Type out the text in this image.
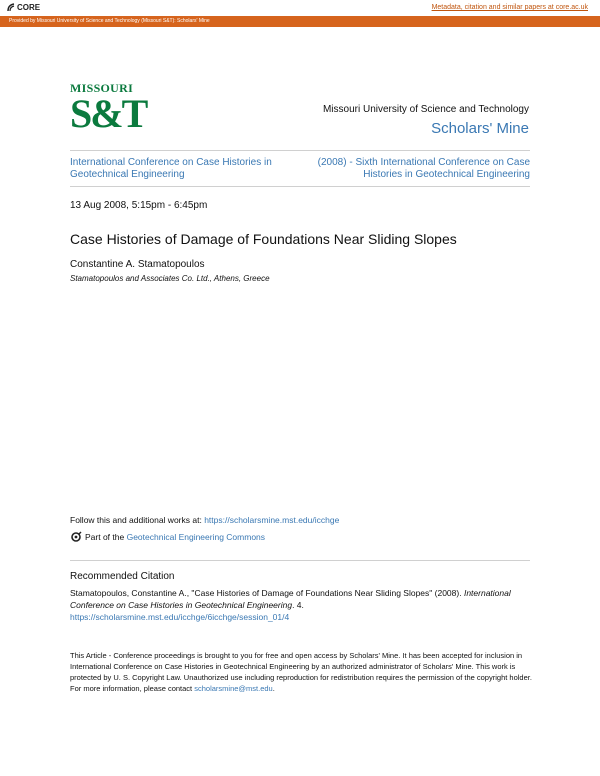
CORE	Metadata, citation and similar papers at core.ac.uk
Provided by Missouri University of Science and Technology (Missouri S&T): Scholars' Mine
MISSOURI
S&T	Missouri University of Science and Technology
Scholars' Mine
International Conference on Case Histories in Geotechnical Engineering
(2008) - Sixth International Conference on Case Histories in Geotechnical Engineering
13 Aug 2008, 5:15pm - 6:45pm
Case Histories of Damage of Foundations Near Sliding Slopes
Constantine A. Stamatopoulos
Stamatopoulos and Associates Co. Ltd., Athens, Greece
Follow this and additional works at: https://scholarsmine.mst.edu/icchge
Part of the Geotechnical Engineering Commons
Recommended Citation
Stamatopoulos, Constantine A., "Case Histories of Damage of Foundations Near Sliding Slopes" (2008). International Conference on Case Histories in Geotechnical Engineering. 4.
https://scholarsmine.mst.edu/icchge/6icchge/session_01/4
This Article - Conference proceedings is brought to you for free and open access by Scholars' Mine. It has been accepted for inclusion in International Conference on Case Histories in Geotechnical Engineering by an authorized administrator of Scholars' Mine. This work is protected by U. S. Copyright Law. Unauthorized use including reproduction for redistribution requires the permission of the copyright holder. For more information, please contact scholarsmine@mst.edu.
